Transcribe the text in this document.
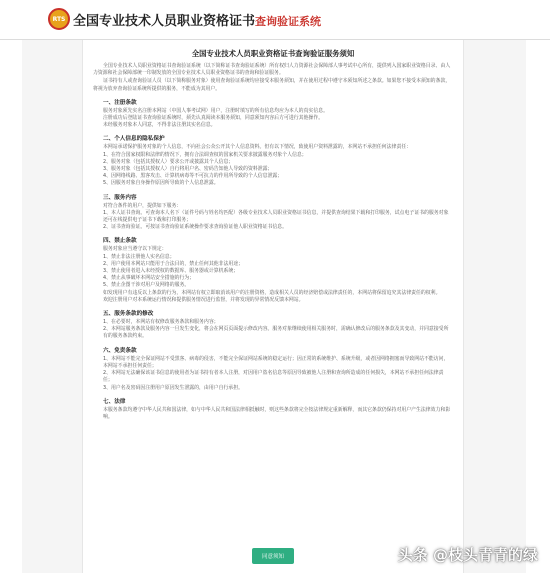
RTS 全国专业技术人员职业资格证书查询验证系统
全国专业技术人员职业资格证书查询验证服务须知
全国专业技术人员职业资格证书查询验证系统（以下简称证书查询验证系统）所有权归人力资源社会保障部人事考试中心所有，提供列入国家职业资格目录、由人力资源和社会保障部统一印制发放的全国专业技术人员职业资格证书的查询和验证服务。
证书持有人或查询验证人员（以下简称服务对象）使用查询验证系统均应接受本服务须知，并在使用过程中遵守本须知所述之条款。如果您不接受本须知的条款，将视为放弃查询验证系统所提供的服务，不能成为其用户。
一、注册条款
服务对象须先实名注册本网站（中国人事考试网）用户，注册时填写的所有信息均应为本人的真实信息。
注册成功后登陆证书查询验证系统时，须先认真阅读本服务须知，同意须知内容后方可进行其他操作。
未经服务对象本人同意，不得非法注册其实名信息。
二、个人信息的隐私保护
本网站承诺保护服务对象的个人信息，不向社会公众公开其个人信息资料。但有以下情况，致使用户资料泄露的，本网站不承担任何法律责任：
1、在符合国家权限和法律的情况下，拥有合法调查权的国家机关要求披露服务对象个人信息；
2、服务对象（包括其授权人）要求公开或披露其个人信息；
3、服务对象（包括其授权人）自行将用户名、密码告知他人导致的资料泄露；
4、因网络线路、黑客攻击、计算机病毒等不可抗力的作用所导致的个人信息泄露；
5、因服务对象自身操作原因所导致的个人信息泄露。
三、服务内容
对符合条件的用户，提供如下服务：
1、本人证书查询。可查询本人名下（证件号码与姓名均匹配）各级专业技术人员职业资格证书信息，并提供查询结果下载和打印服务，试点电子证书的服务对象还可在线提供电子证书下载和打印服务；
2、证书查询验证。可按证书查询验证系统操作要求查询验证他人职业资格证书信息。
四、禁止条款
服务对象应当遵守以下规定：
1、禁止非法注册他人实名信息；
2、用户使用本网站只能用于合法目的，禁止任何其他非法用途；
3、禁止使用者进入未经授权的数据库、服务器或计算机系统；
4、禁止从事破坏本网站安全措施的行为；
5、禁止企图干涉对用户及网络的服务。
如发现用户有违反以上条款的行为，本网站有权立即取消该用户的注册资格，造成相关人员的经济赔偿或法律责任的，本网站将保留追究其法律责任的权利。
欢迎注册用户对本系统运行情况和提供服务情况进行监督，并将发现的异常情况反馈本网站。
五、服务条款的修改
1、在必要时，本网站有权修改服务条款和服务内容；
2、本网站服务条款及服务内容一旦发生变化，将会在网页页面提示修改内容。服务对象继续使用相关服务时，需确认修改后的服务条款及其变动，并同意接受所有的服务条款约束。
六、免责条款
1、本网站不能完全保证网站不受黑客、病毒的侵害，不能完全保证网站系统的稳定运行；因正常的系统维护、系统升级，或者因网络拥塞而导致网站不能访问，本网站不承担任何责任；
2、本网站无法确保该证书信息的使用者为证书持有者本人注册，对因用户盗名信息等原因导致被他人注册和查询所造成的任何损失，本网站不承担任何法律责任；
3、用户名及密码因注册用户原因发生泄露的，由用户自行承担。
七、法律
本服务条款均遵守中华人民共和国法律，如与中华人民共和国法律相抵触时，则这些条款将完全按法律规定重新解释，而其它条款仍保持对用户产生法律效力和影响。
同意须知	头条 @枝头青青的绿
